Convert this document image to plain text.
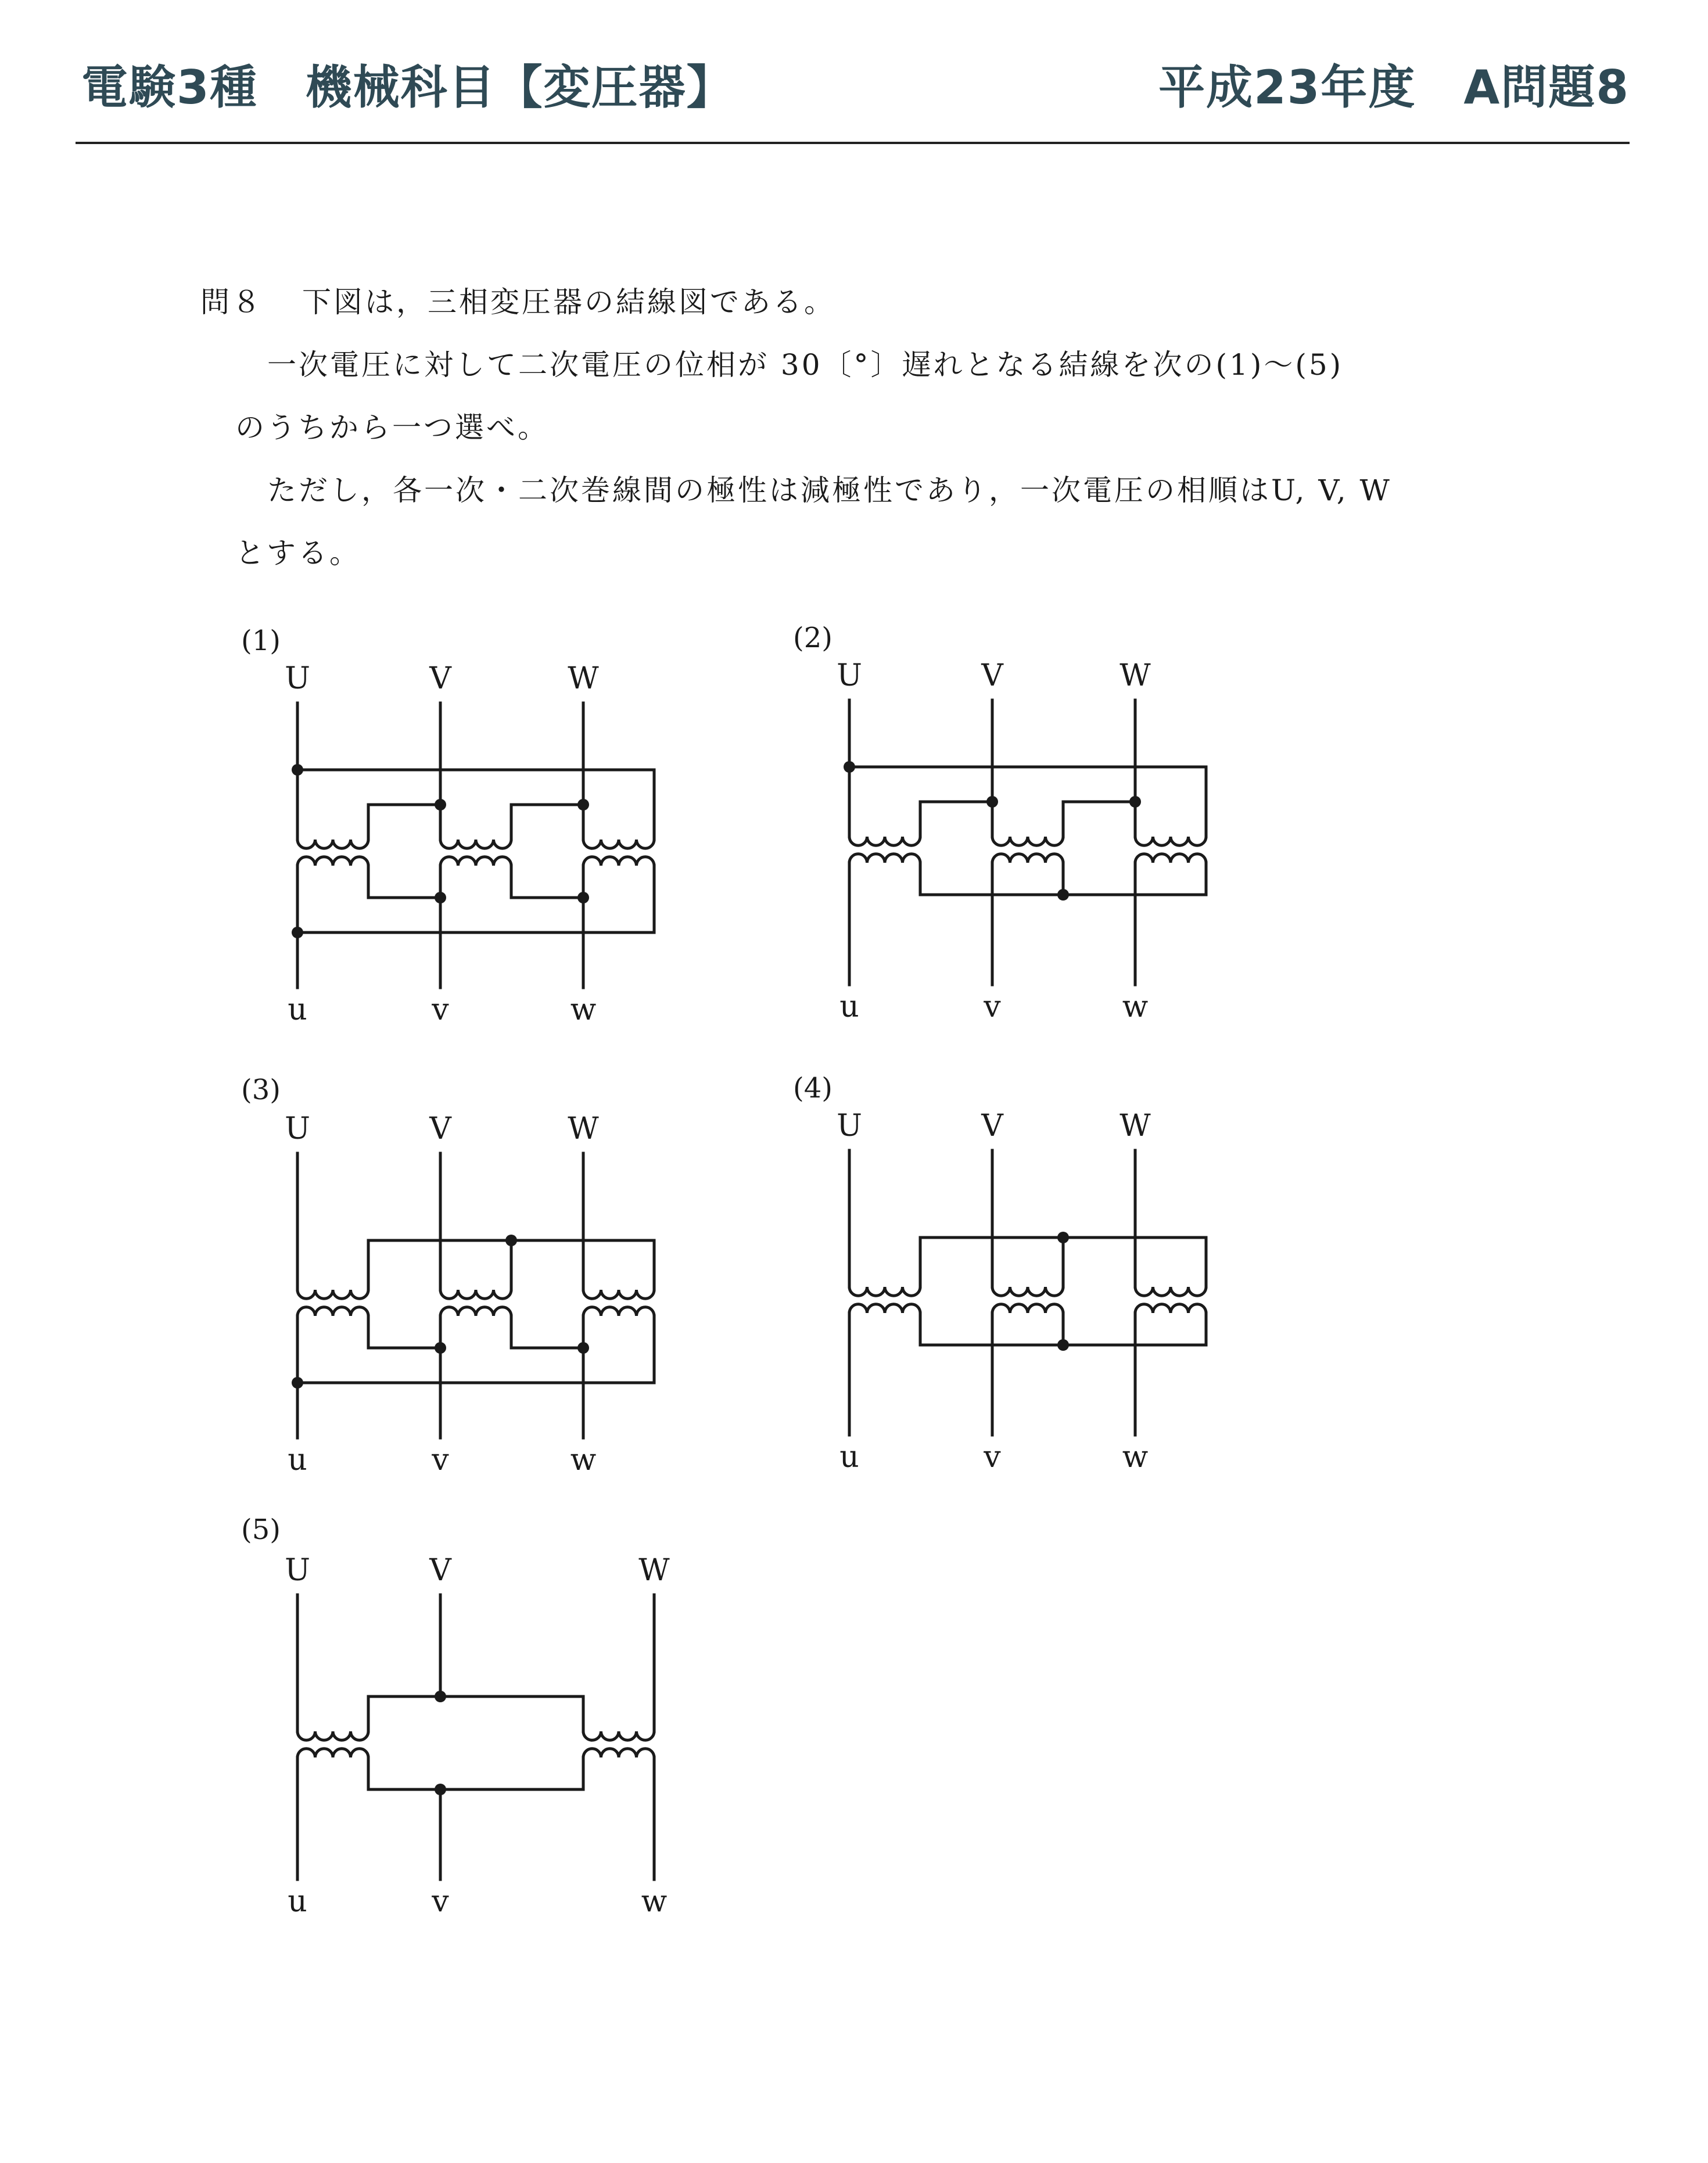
電験3種　機械科目【変圧器】	平成23年度　A問題8
問８ 下図は，三相変圧器の結線図である。
一次電圧に対して二次電圧の位相が 30〔°〕遅れとなる結線を次の(1)～(5)
のうちから一つ選べ。
ただし，各一次・二次巻線間の極性は減極性であり，一次電圧の相順はU, V, W
とする。
(1)	(2)
(3)	(4)
(5)
U	V	W
u	v	w
U	V	W
u	v	w
U	V	W
u	v	w
U	V	W
u	v	w
U	V	W
u	v	w
